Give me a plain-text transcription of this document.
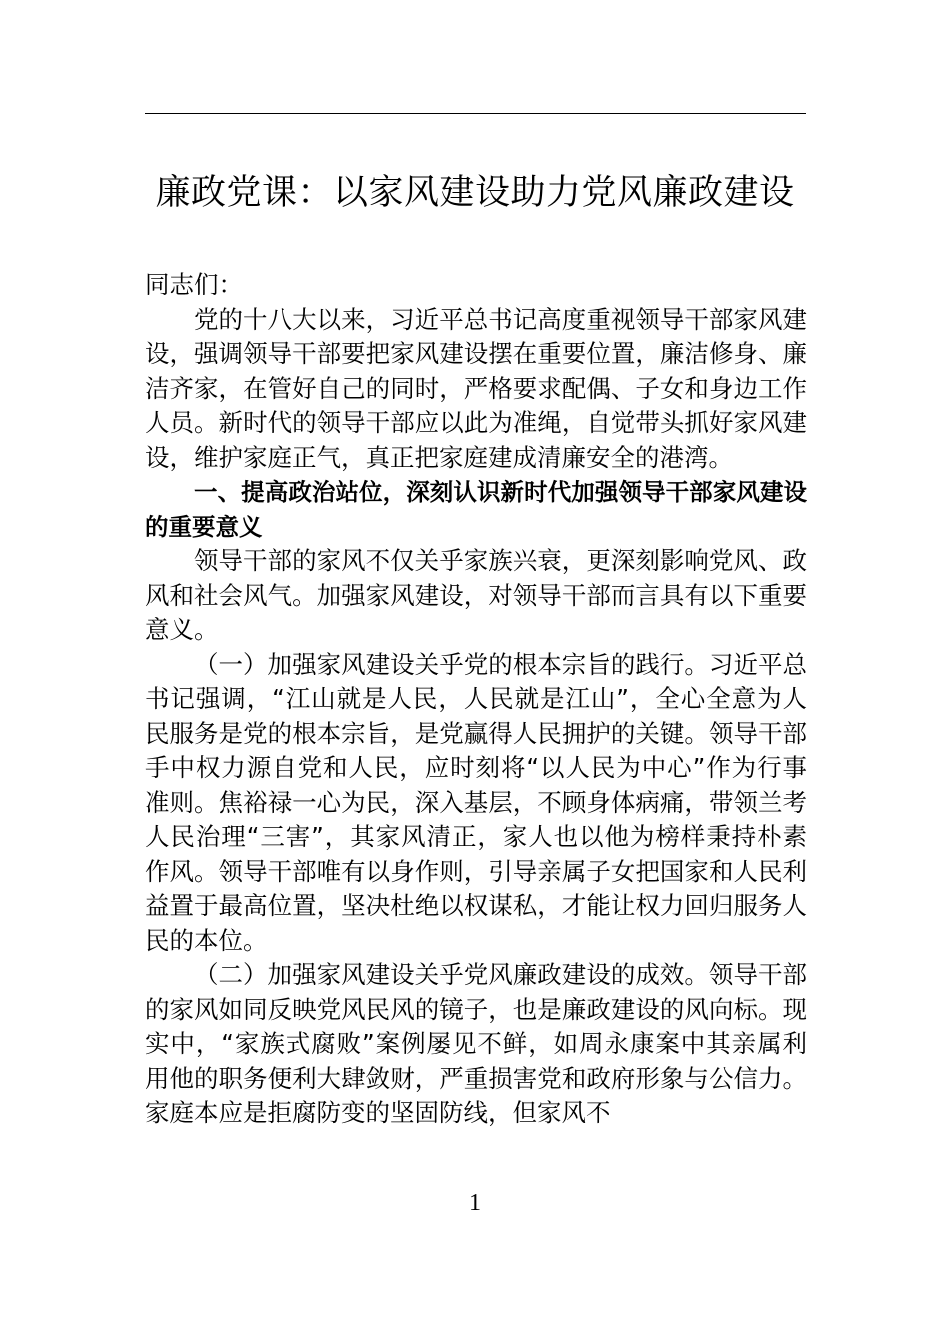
廉政党课：以家风建设助力党风廉政建设

同志们：

党的十八大以来，习近平总书记高度重视领导干部家风建设，强调领导干部要把家风建设摆在重要位置，廉洁修身、廉洁齐家，在管好自己的同时，严格要求配偶、子女和身边工作人员。新时代的领导干部应以此为准绳，自觉带头抓好家风建设，维护家庭正气，真正把家庭建成清廉安全的港湾。

一、提高政治站位，深刻认识新时代加强领导干部家风建设的重要意义

领导干部的家风不仅关乎家族兴衰，更深刻影响党风、政风和社会风气。加强家风建设，对领导干部而言具有以下重要意义。

（一）加强家风建设关乎党的根本宗旨的践行。习近平总书记强调，“江山就是人民，人民就是江山”，全心全意为人民服务是党的根本宗旨，是党赢得人民拥护的关键。领导干部手中权力源自党和人民，应时刻将“以人民为中心”作为行事准则。焦裕禄一心为民，深入基层，不顾身体病痛，带领兰考人民治理“三害”，其家风清正，家人也以他为榜样秉持朴素作风。领导干部唯有以身作则，引导亲属子女把国家和人民利益置于最高位置，坚决杜绝以权谋私，才能让权力回归服务人民的本位。

（二）加强家风建设关乎党风廉政建设的成效。领导干部的家风如同反映党风民风的镜子，也是廉政建设的风向标。现实中，“家族式腐败”案例屡见不鲜，如周永康案中其亲属利用他的职务便利大肆敛财，严重损害党和政府形象与公信力。家庭本应是拒腐防变的坚固防线，但家风不

1
